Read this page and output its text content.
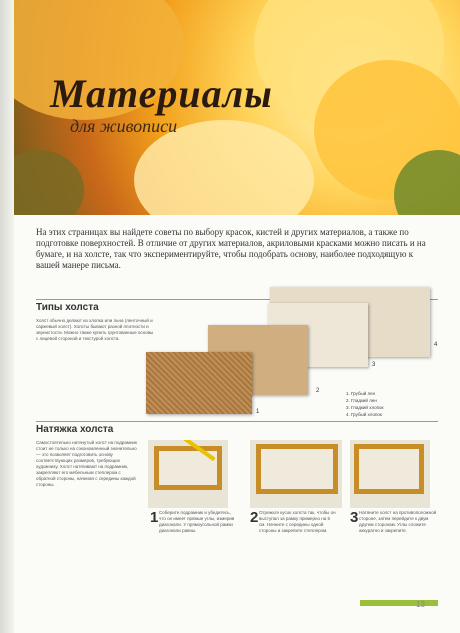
Материалы

для живописи

На этих страницах вы найдете советы по выбору красок, кистей и других материалов, а также по подготовке поверхностей. В отличие от других материалов, акриловыми красками можно писать и на бумаге, и на холсте, так что экспериментируйте, чтобы подобрать основу, наиболее подходящую к вашей манере письма.

Типы холста

Холст обычно делают из хлопка или льна (ленточный и саржевый холст). Холсты бывают разной плотности и зернистости. Можно также купить грунтованные основы с лицевой стороной и текстурой холста.

1
2
3
4
1. Грубый лен
2. Гладкий лен
3. Гладкий хлопок
4. Грубый хлопок
Натяжка холста

Самостоятельно натянутый холст на подрамник стоит не только на сэкономленный значительно — это позволяет подготовить основу соответствующих размеров, требующих художнику. Холст натягивают на подрамник, закрепляют его мебельным степлером с обратной стороны, начиная с середины каждой стороны.

1 Соберите подрамник и убедитесь, что он имеет прямые углы, измерив диагонали. У прямоугольной рамки диагонали равны.

2 Отрежьте кусок холста так, чтобы он выступал за рамку примерно на 5 см. Начните с середины одной стороны и закрепите степлером.

3 Натяните холст на противоположной стороне, затем перейдите к двум другим сторонам. Углы сложите аккуратно и закрепите.

13
